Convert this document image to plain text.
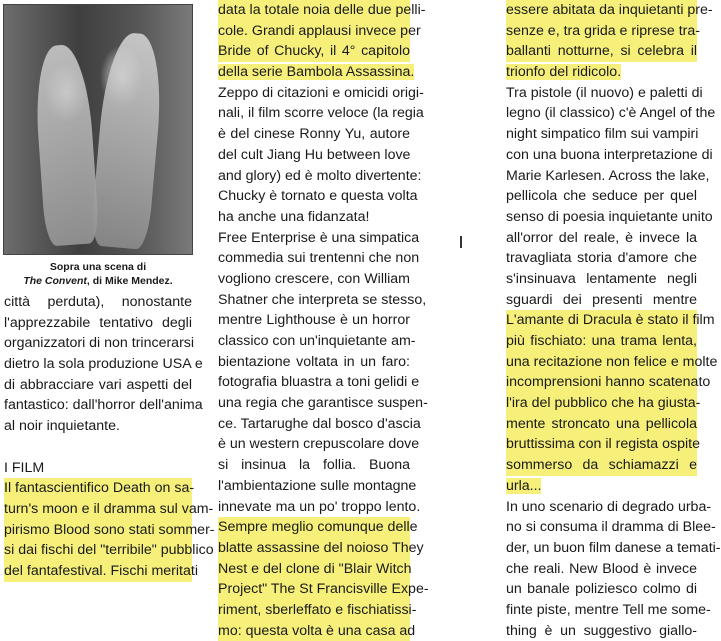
Sopra una scena di
The Convent, di Mike Mendez.
città perduta), nonostante
l'apprezzabile tentativo degli
organizzatori di non trincerarsi
dietro la sola produzione USA e
di abbracciare vari aspetti del
fantastico: dall'horror dell'anima
al noir inquietante.
I FILM
Il fantascientifico Death on sa-
turn's moon e il dramma sul vam-
pirismo Blood sono stati sommer-
si dai fischi del "terribile" pubblico
del fantafestival. Fischi meritati
data la totale noia delle due pelli-
cole. Grandi applausi invece per
Bride of Chucky, il 4° capitolo
della serie Bambola Assassina.
Zeppo di citazioni e omicidi origi-
nali, il film scorre veloce (la regia
è del cinese Ronny Yu, autore
del cult Jiang Hu between love
and glory) ed è molto divertente:
Chucky è tornato e questa volta
ha anche una fidanzata!
Free Enterprise è una simpatica
commedia sui trentenni che non
vogliono crescere, con William
Shatner che interpreta se stesso,
mentre Lighthouse è un horror
classico con un'inquietante am-
bientazione voltata in un faro:
fotografia bluastra a toni gelidi e
una regia che garantisce suspen-
ce. Tartarughe dal bosco d'ascia
è un western crepuscolare dove
si insinua la follia. Buona
l'ambientazione sulle montagne
innevate ma un po' troppo lento.
Sempre meglio comunque delle
blatte assassine del noioso They
Nest e del clone di "Blair Witch
Project" The St Francisville Expe-
riment, sberleffato e fischiatissi-
mo: questa volta è una casa ad
essere abitata da inquietanti pre-
senze e, tra grida e riprese tra-
ballanti notturne, si celebra il
trionfo del ridicolo.
Tra pistole (il nuovo) e paletti di
legno (il classico) c'è Angel of the
night simpatico film sui vampiri
con una buona interpretazione di
Marie Karlesen. Across the lake,
pellicola che seduce per quel
senso di poesia inquietante unito
all'orror del reale, è invece la
travagliata storia d'amore che
s'insinuava lentamente negli
sguardi dei presenti mentre
L'amante di Dracula è stato il film
più fischiato: una trama lenta,
una recitazione non felice e molte
incomprensioni hanno scatenato
l'ira del pubblico che ha giusta-
mente stroncato una pellicola
bruttissima con il regista ospite
sommerso da schiamazzi e
urla...
In uno scenario di degrado urba-
no si consuma il dramma di Blee-
der, un buon film danese a temati-
che reali. New Blood è invece
un banale poliziesco colmo di
finte piste, mentre Tell me some-
thing è un suggestivo giallo-
